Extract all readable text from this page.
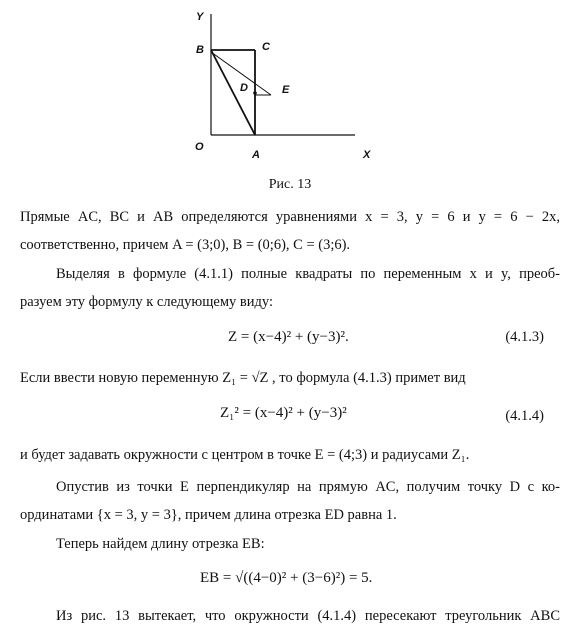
Y
X
O
B	C
D	E
A
Рис. 13
Прямые AC, BC и AB определяются уравнениями x = 3, y = 6 и y = 6 − 2x,
соответственно, причем A = (3;0), B = (0;6), C = (3;6).
Выделяя в формуле (4.1.1) полные квадраты по переменным x и y, преоб-
разуем эту формулу к следующему виду:
Z = (x−4)² + (y−3)².	(4.1.3)
Если ввести новую переменную Z₁ = √Z , то формула (4.1.3) примет вид
Z₁² = (x−4)² + (y−3)²	(4.1.4)
и будет задавать окружности с центром в точке E = (4;3) и радиусами Z₁.
Опустив из точки E перпендикуляр на прямую AC, получим точку D с ко-
ординатами {x = 3, y = 3}, причем длина отрезка ED равна 1.
Теперь найдем длину отрезка EB:
EB = √((4−0)² + (3−6)²) = 5.
Из рис. 13 вытекает, что окружности (4.1.4) пересекают треугольник ABC
